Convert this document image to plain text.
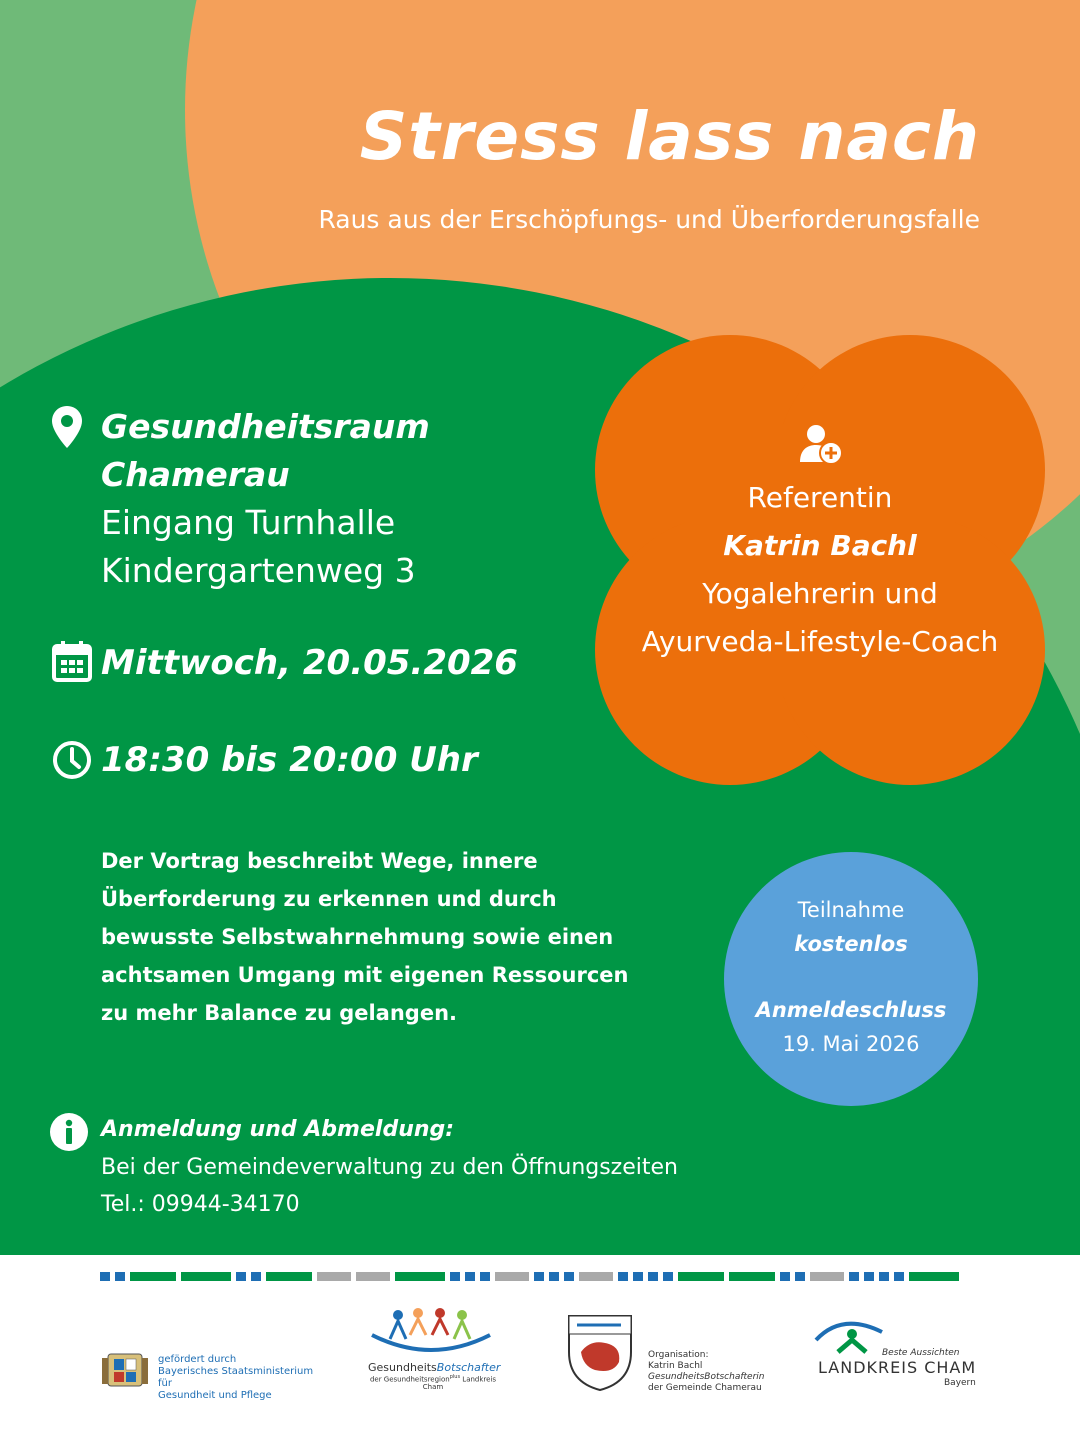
Stress lass nach
Raus aus der Erschöpfungs- und Überforderungsfalle
Gesundheitsraum
Chamerau
Eingang Turnhalle
Kindergartenweg 3
Mittwoch, 20.05.2026
18:30 bis 20:00 Uhr
Der Vortrag beschreibt Wege, innere
Überforderung zu erkennen und durch
bewusste Selbstwahrnehmung sowie einen
achtsamen Umgang mit eigenen Ressourcen
zu mehr Balance zu gelangen.
Referentin
Katrin Bachl
Yogalehrerin und
Ayurveda-Lifestyle-Coach
Teilnahme
kostenlos
Anmeldeschluss
19. Mai 2026
Anmeldung und Abmeldung:
Bei der Gemeindeverwaltung zu den Öffnungszeiten
Tel.: 09944-34170
gefördert durch
Bayerisches Staatsministerium für
Gesundheit und Pflege
GesundheitsBotschafter
der Gesundheitsregion$^{plus}$ Landkreis Cham
Organisation:
Katrin Bachl
GesundheitsBotschafterin
der Gemeinde Chamerau
Beste Aussichten
LANDKREIS CHAM
Bayern
